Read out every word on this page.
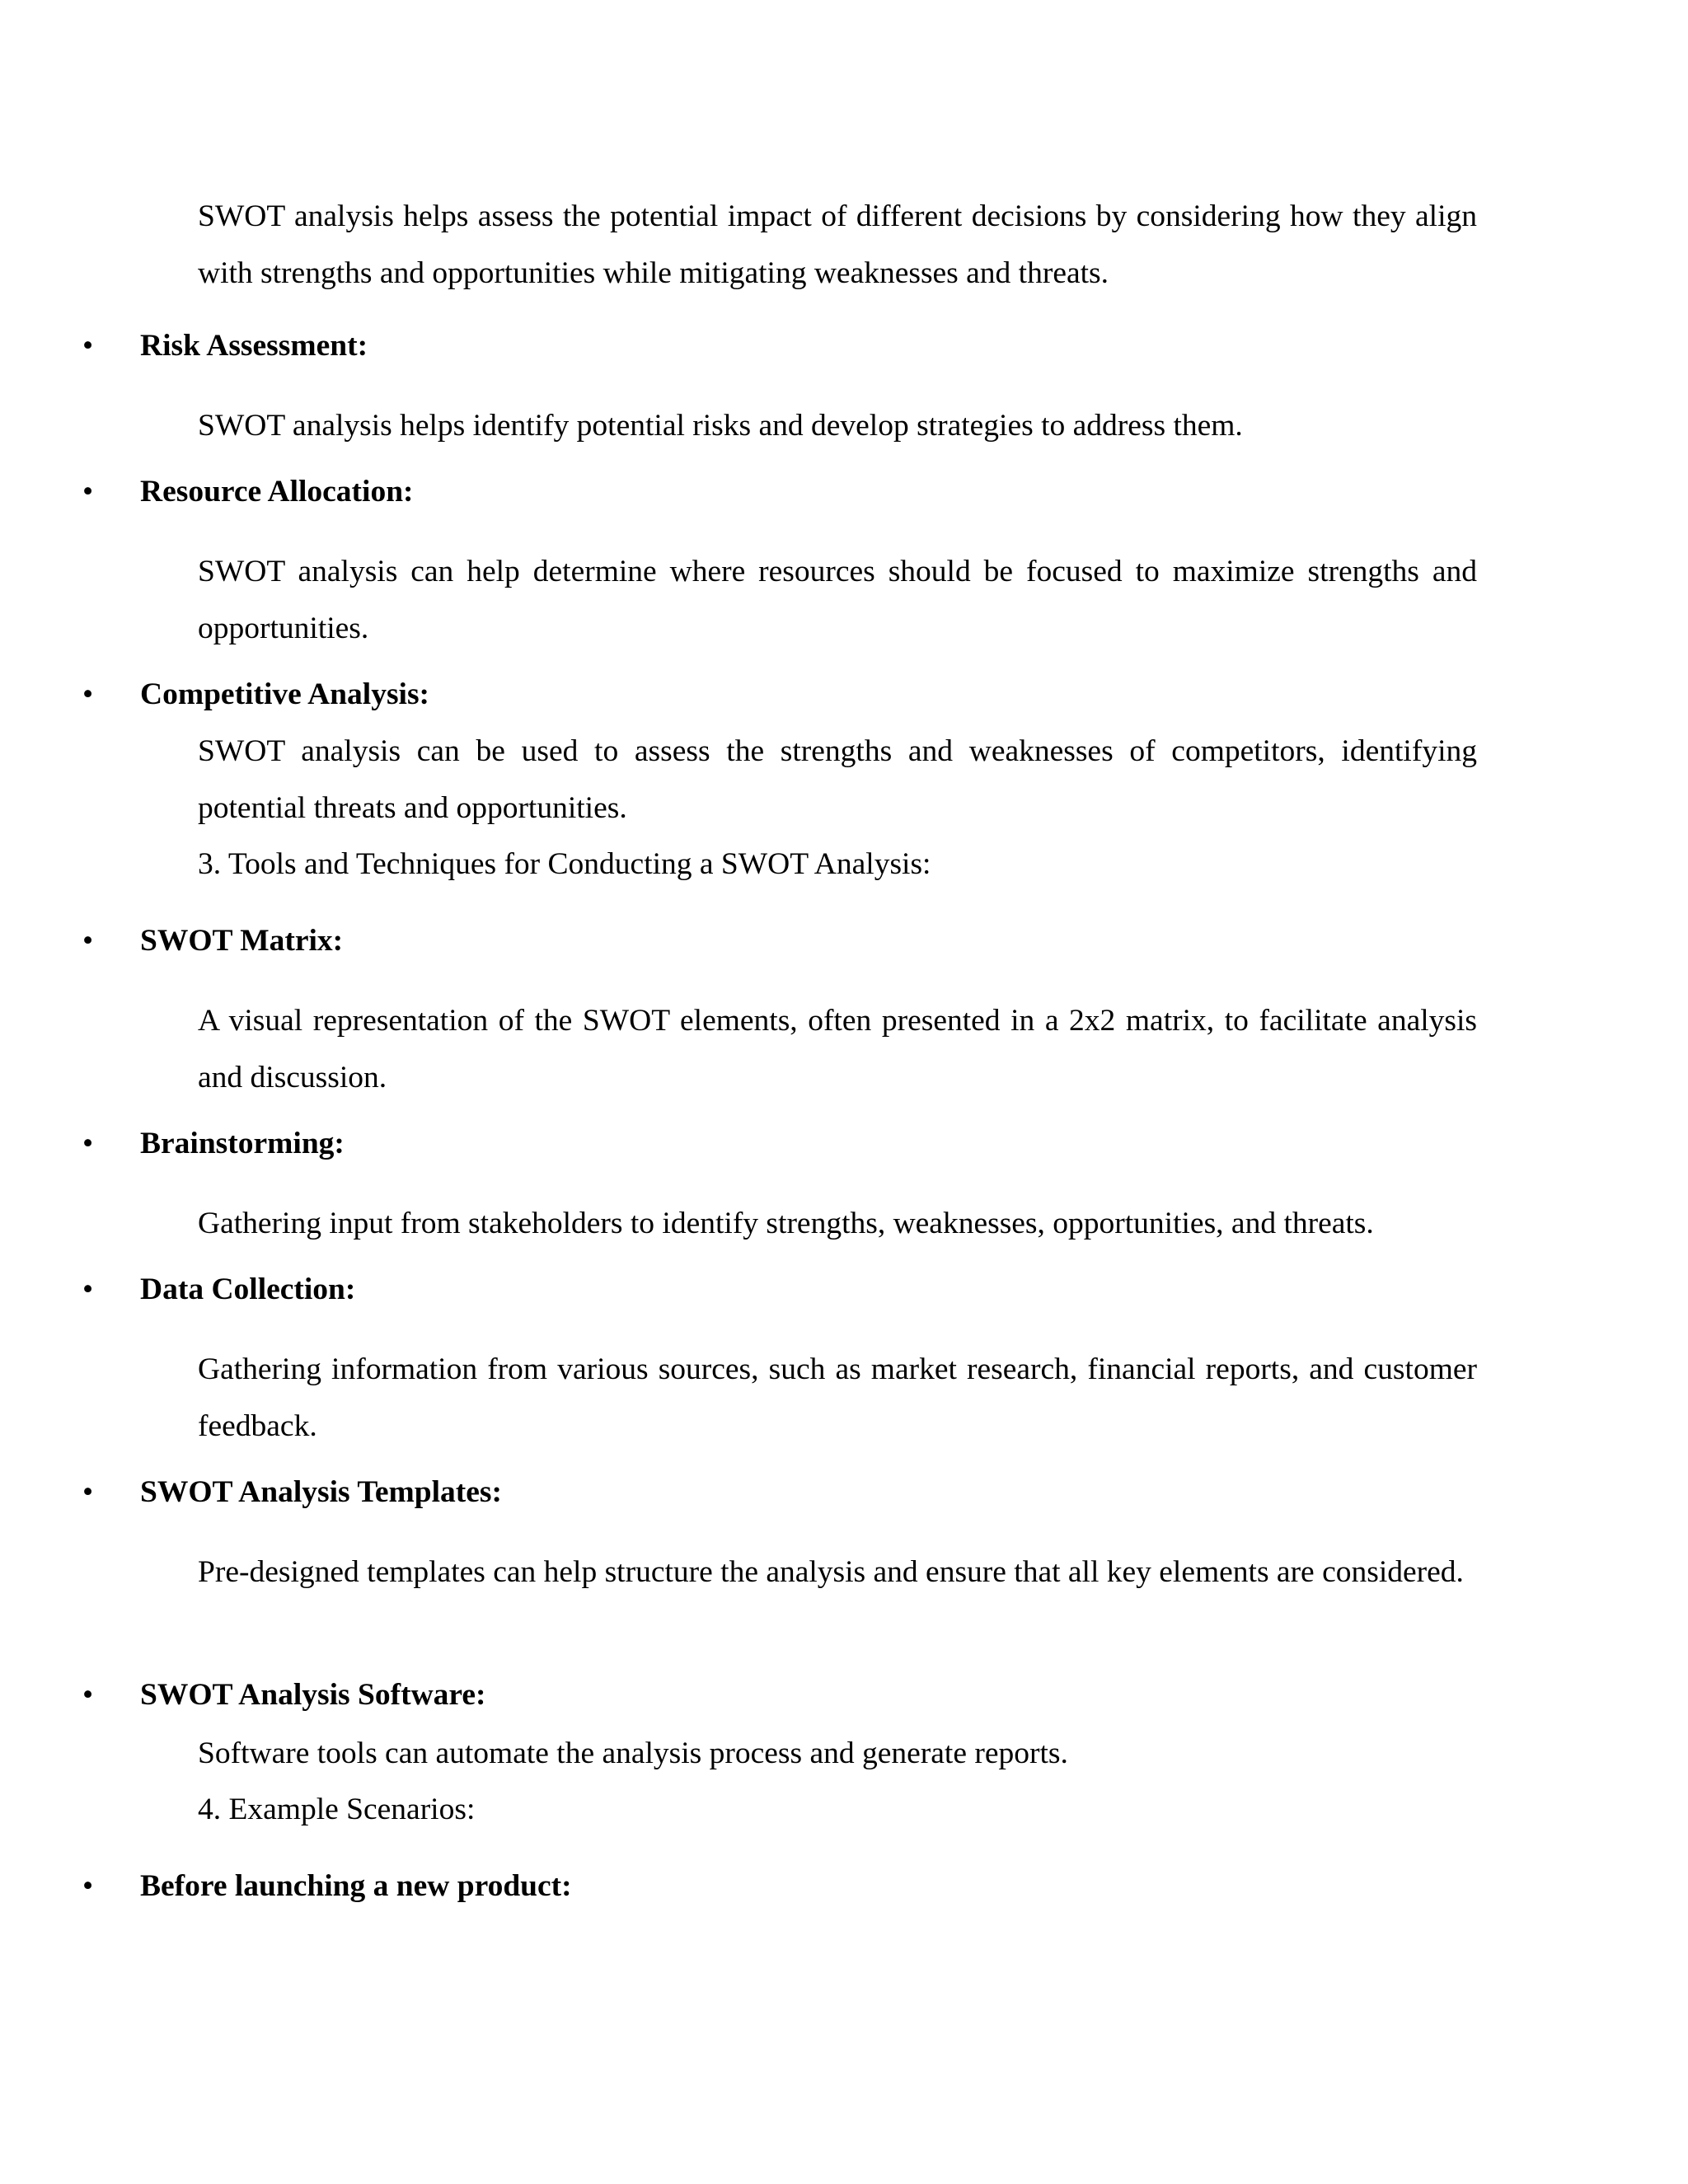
SWOT analysis helps assess the potential impact of different decisions by considering how they align with strengths and opportunities while mitigating weaknesses and threats.
• Risk Assessment:
SWOT analysis helps identify potential risks and develop strategies to address them.
• Resource Allocation:
SWOT analysis can help determine where resources should be focused to maximize strengths and opportunities.
• Competitive Analysis:
SWOT analysis can be used to assess the strengths and weaknesses of competitors, identifying potential threats and opportunities.
3. Tools and Techniques for Conducting a SWOT Analysis:
• SWOT Matrix:
A visual representation of the SWOT elements, often presented in a 2x2 matrix, to facilitate analysis and discussion.
• Brainstorming:
Gathering input from stakeholders to identify strengths, weaknesses, opportunities, and threats.
• Data Collection:
Gathering information from various sources, such as market research, financial reports, and customer feedback.
• SWOT Analysis Templates:
Pre-designed templates can help structure the analysis and ensure that all key elements are considered.
• SWOT Analysis Software:
Software tools can automate the analysis process and generate reports.
4. Example Scenarios:
• Before launching a new product:
